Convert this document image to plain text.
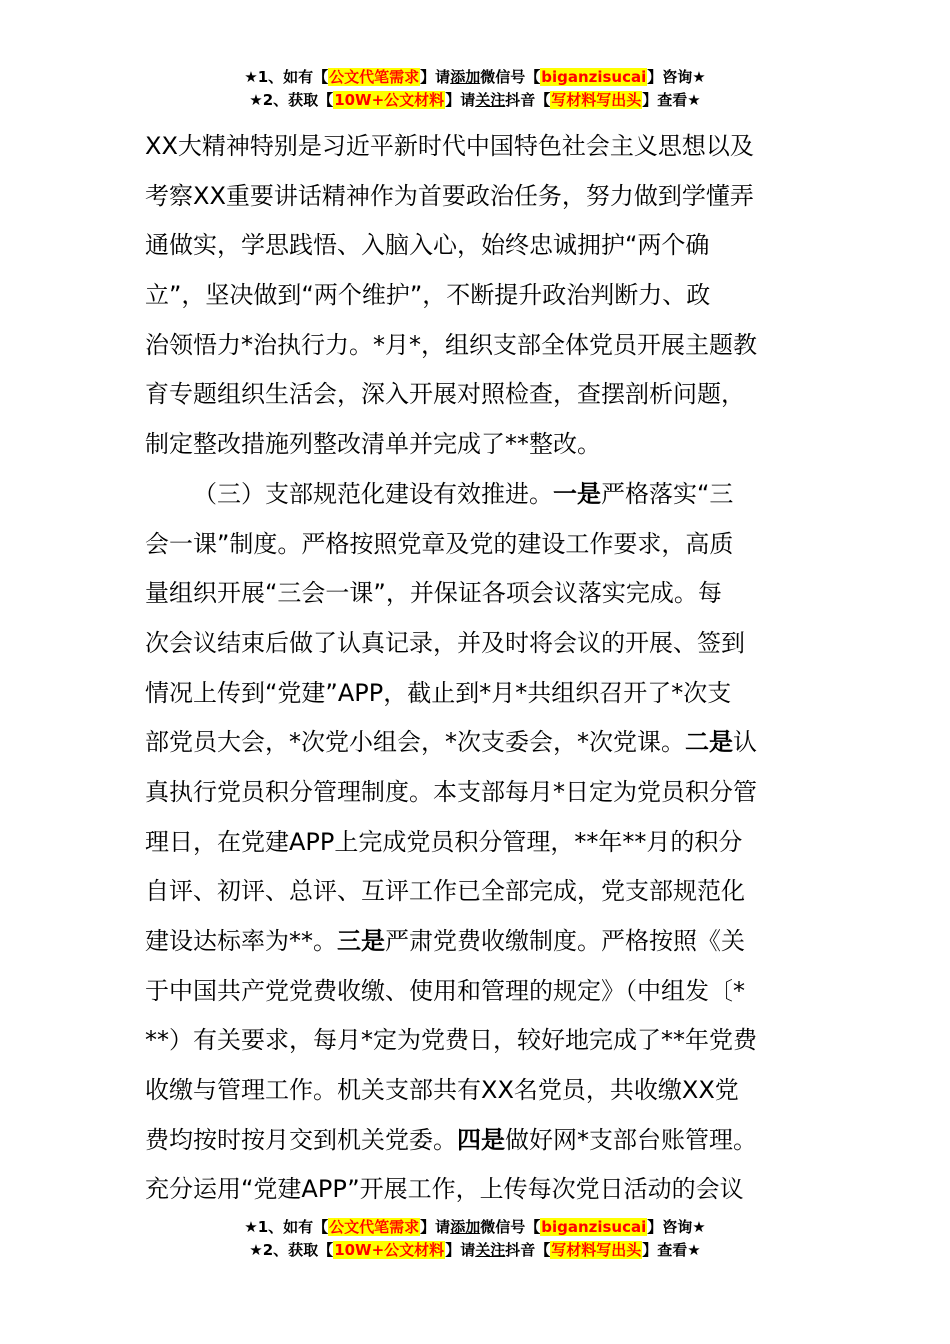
★1、如有【公文代笔需求】请添加微信号【biganzisucai】咨询★
★2、获取【10W+公文材料】请关注抖音【写材料写出头】查看★
XX大精神特别是习近平新时代中国特色社会主义思想以及
考察XX重要讲话精神作为首要政治任务，努力做到学懂弄
通做实，学思践悟、入脑入心，始终忠诚拥护“两个确
立”，坚决做到“两个维护”，不断提升政治判断力、政
治领悟力*治执行力。*月*，组织支部全体党员开展主题教
育专题组织生活会，深入开展对照检查，查摆剖析问题，
制定整改措施列整改清单并完成了**整改。
（三）支部规范化建设有效推进。一是严格落实“三
会一课”制度。严格按照党章及党的建设工作要求，高质
量组织开展“三会一课”，并保证各项会议落实完成。每
次会议结束后做了认真记录，并及时将会议的开展、签到
情况上传到“党建”APP，截止到*月*共组织召开了*次支
部党员大会，*次党小组会，*次支委会，*次党课。二是认
真执行党员积分管理制度。本支部每月*日定为党员积分管
理日，在党建APP上完成党员积分管理，**年**月的积分
自评、初评、总评、互评工作已全部完成，党支部规范化
建设达标率为**。三是严肃党费收缴制度。严格按照《关
于中国共产党党费收缴、使用和管理的规定》（中组发〔*
**）有关要求，每月*定为党费日，较好地完成了**年党费
收缴与管理工作。机关支部共有XX名党员，共收缴XX党
费均按时按月交到机关党委。四是做好网*支部台账管理。
充分运用“党建APP”开展工作，上传每次党日活动的会议
★1、如有【公文代笔需求】请添加微信号【biganzisucai】咨询★
★2、获取【10W+公文材料】请关注抖音【写材料写出头】查看★
